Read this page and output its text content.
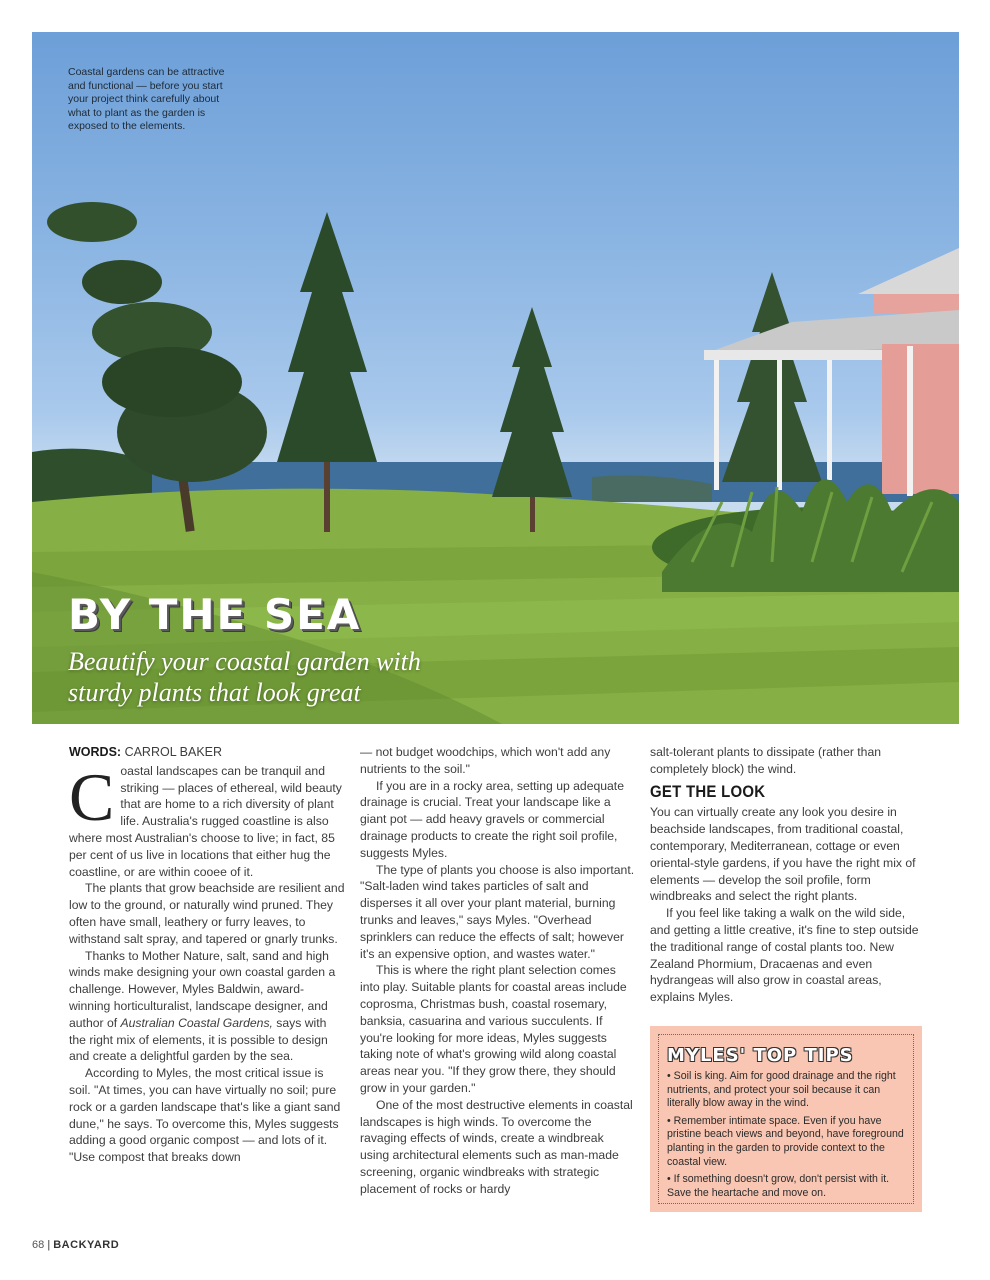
Coastal gardens can be attractive and functional — before you start your project think carefully about what to plant as the garden is exposed to the elements.
BY THE SEA
Beautify your coastal garden with sturdy plants that look great
WORDS: CARROL BAKER

Coastal landscapes can be tranquil and striking — places of ethereal, wild beauty that are home to a rich diversity of plant life. Australia's rugged coastline is also where most Australian's choose to live; in fact, 85 per cent of us live in locations that either hug the coastline, or are within cooee of it.

The plants that grow beachside are resilient and low to the ground, or naturally wind pruned. They often have small, leathery or furry leaves, to withstand salt spray, and tapered or gnarly trunks.

Thanks to Mother Nature, salt, sand and high winds make designing your own coastal garden a challenge. However, Myles Baldwin, award-winning horticulturalist, landscape designer, and author of Australian Coastal Gardens, says with the right mix of elements, it is possible to design and create a delightful garden by the sea.

According to Myles, the most critical issue is soil. "At times, you can have virtually no soil; pure rock or a garden landscape that's like a giant sand dune," he says. To overcome this, Myles suggests adding a good organic compost — and lots of it. "Use compost that breaks down

— not budget woodchips, which won't add any nutrients to the soil."

If you are in a rocky area, setting up adequate drainage is crucial. Treat your landscape like a giant pot — add heavy gravels or commercial drainage products to create the right soil profile, suggests Myles.

The type of plants you choose is also important. "Salt-laden wind takes particles of salt and disperses it all over your plant material, burning trunks and leaves," says Myles. "Overhead sprinklers can reduce the effects of salt; however it's an expensive option, and wastes water."

This is where the right plant selection comes into play. Suitable plants for coastal areas include coprosma, Christmas bush, coastal rosemary, banksia, casuarina and various succulents. If you're looking for more ideas, Myles suggests taking note of what's growing wild along coastal areas near you. "If they grow there, they should grow in your garden."

One of the most destructive elements in coastal landscapes is high winds. To overcome the ravaging effects of winds, create a windbreak using architectural elements such as man-made screening, organic windbreaks with strategic placement of rocks or hardy

salt-tolerant plants to dissipate (rather than completely block) the wind.

GET THE LOOK

You can virtually create any look you desire in beachside landscapes, from traditional coastal, contemporary, Mediterranean, cottage or even oriental-style gardens, if you have the right mix of elements — develop the soil profile, form windbreaks and select the right plants.

If you feel like taking a walk on the wild side, and getting a little creative, it's fine to step outside the traditional range of costal plants too. New Zealand Phormium, Dracaenas and even hydrangeas will also grow in coastal areas, explains Myles.

MYLES' TOP TIPS
• Soil is king. Aim for good drainage and the right nutrients, and protect your soil because it can literally blow away in the wind.
• Remember intimate space. Even if you have pristine beach views and beyond, have foreground planting in the garden to provide context to the coastal view.
• If something doesn't grow, don't persist with it. Save the heartache and move on.
68 | BACKYARD
